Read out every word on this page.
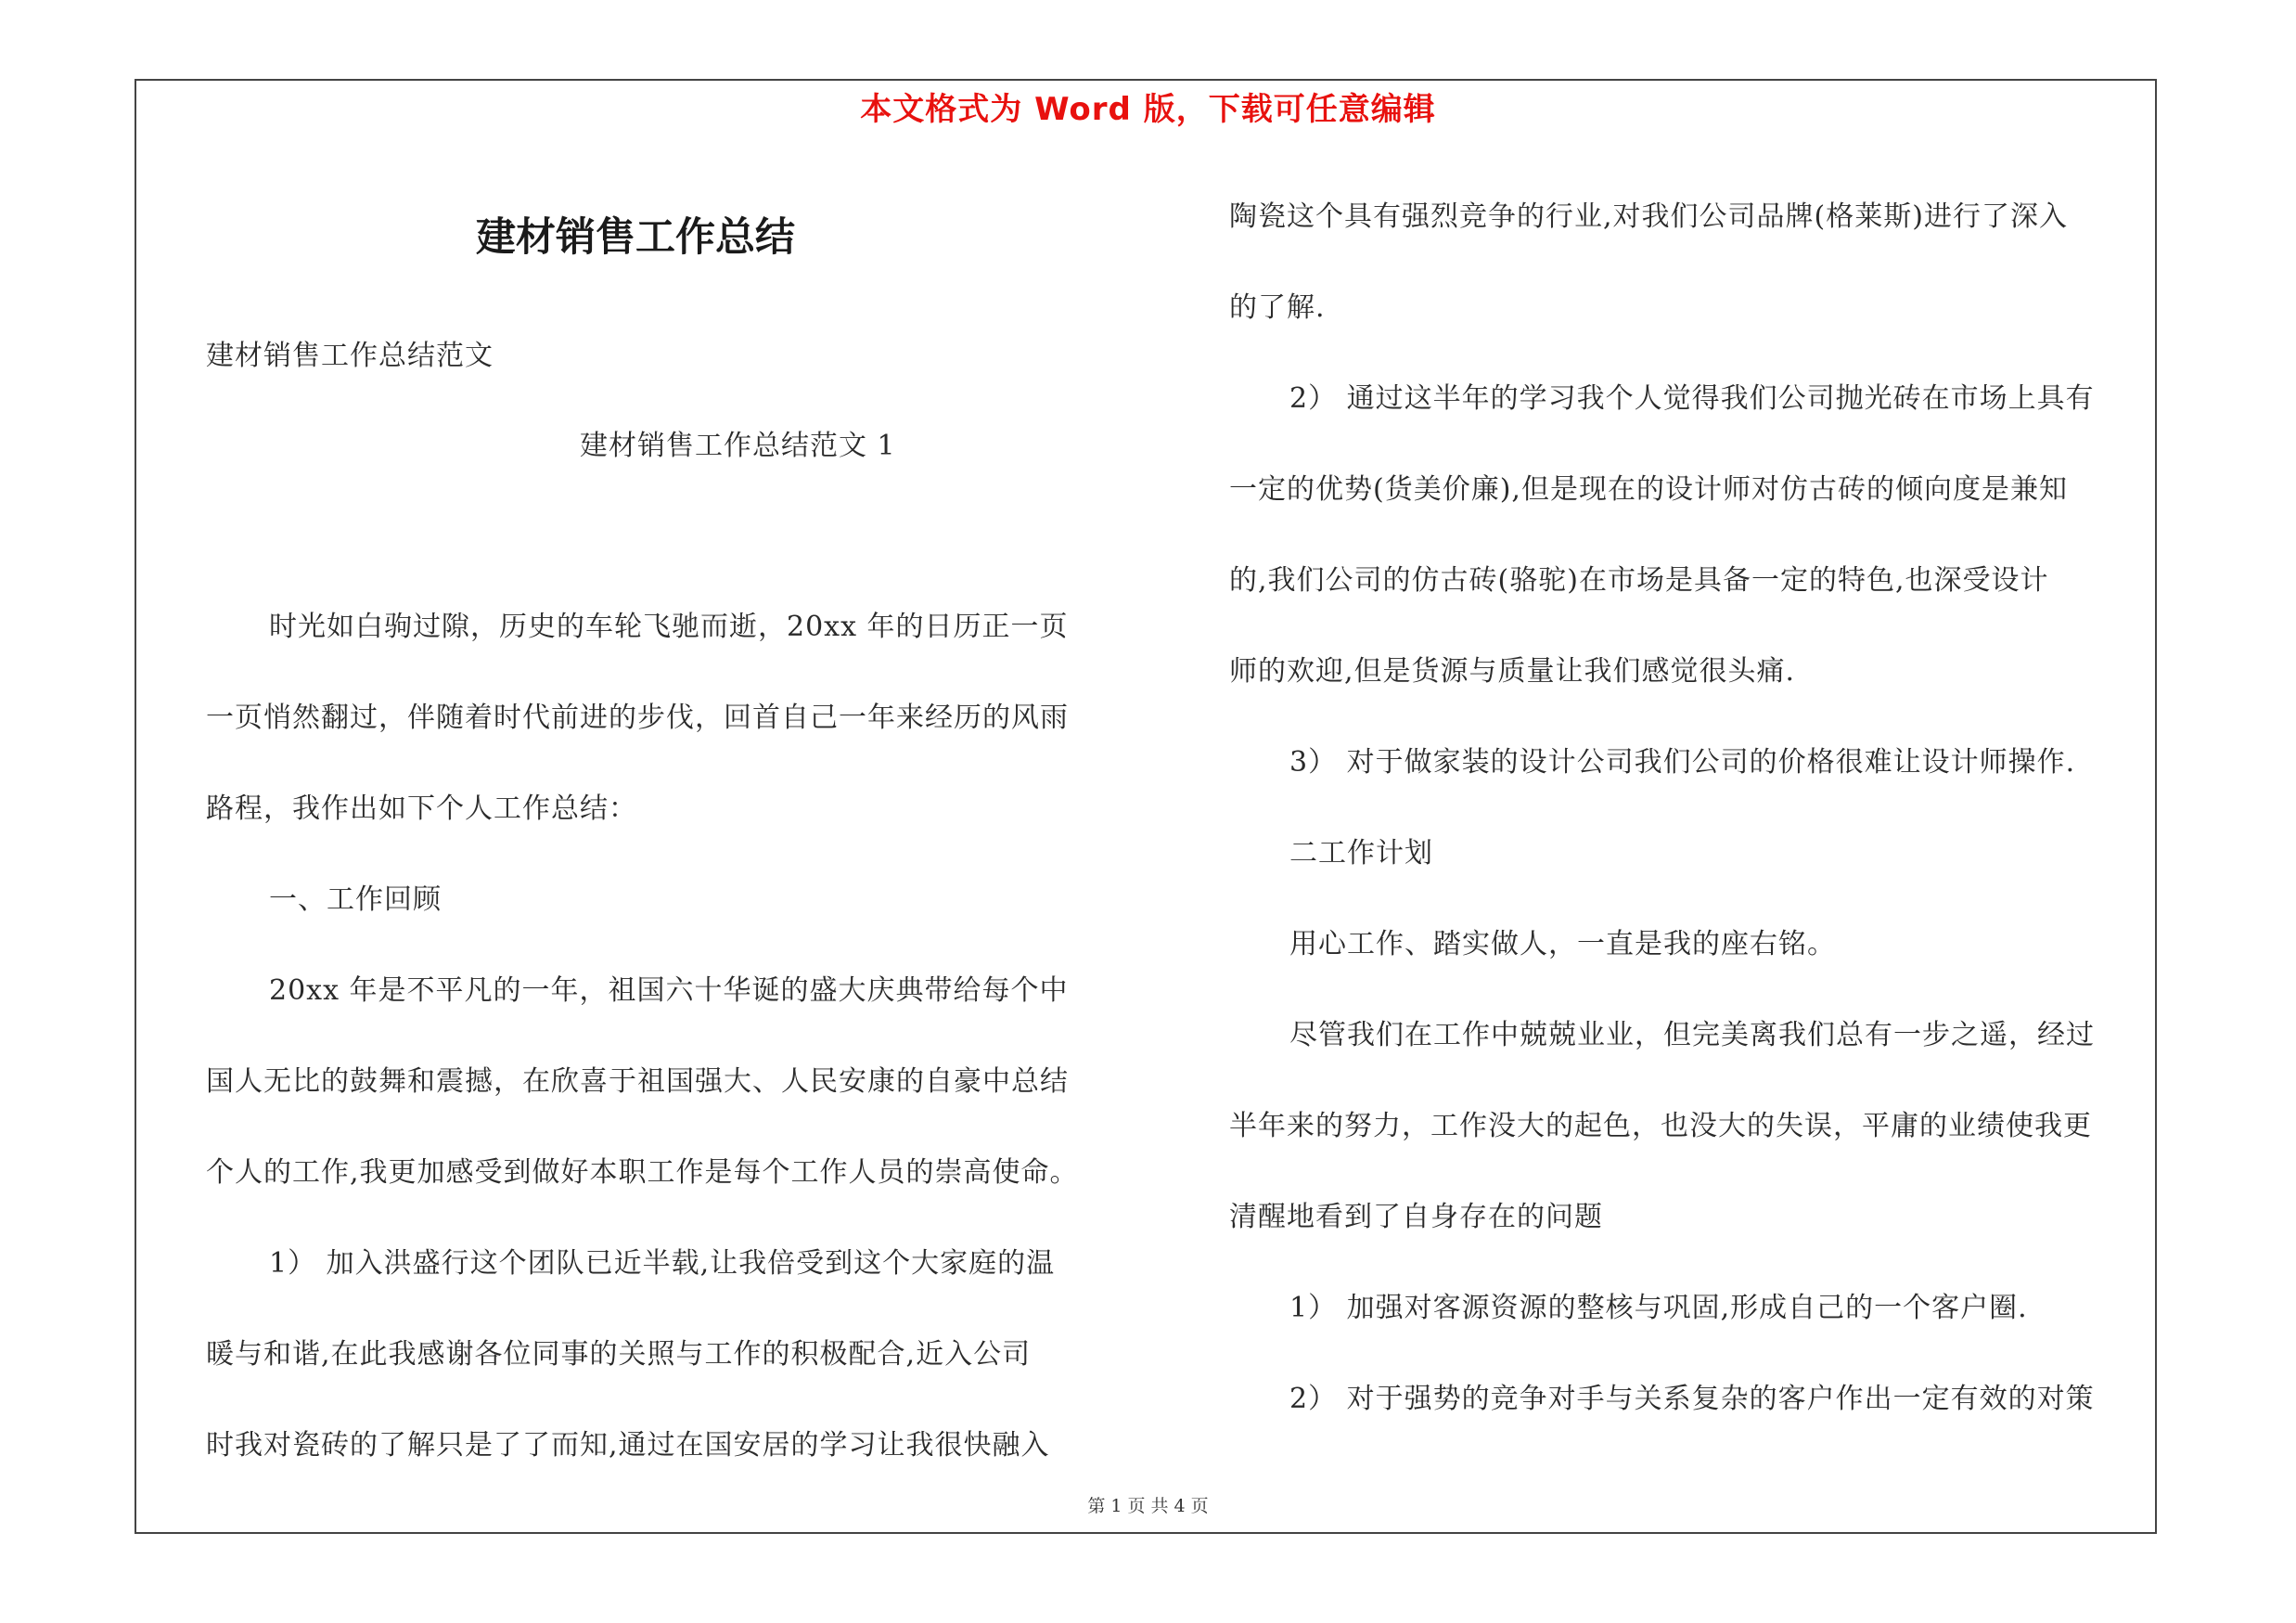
本文格式为 Word 版，下载可任意编辑
建材销售工作总结
建材销售工作总结范文
建材销售工作总结范文 1
时光如白驹过隙，历史的车轮飞驰而逝，20xx 年的日历正一页
一页悄然翻过，伴随着时代前进的步伐，回首自己一年来经历的风雨
路程，我作出如下个人工作总结：
一、工作回顾
20xx 年是不平凡的一年，祖国六十华诞的盛大庆典带给每个中
国人无比的鼓舞和震撼，在欣喜于祖国强大、人民安康的自豪中总结
个人的工作,我更加感受到做好本职工作是每个工作人员的崇高使命。
1） 加入洪盛行这个团队已近半载,让我倍受到这个大家庭的温
暖与和谐,在此我感谢各位同事的关照与工作的积极配合,近入公司
时我对瓷砖的了解只是了了而知,通过在国安居的学习让我很快融入
陶瓷这个具有强烈竞争的行业,对我们公司品牌(格莱斯)进行了深入
的了解.
2） 通过这半年的学习我个人觉得我们公司抛光砖在市场上具有
一定的优势(货美价廉),但是现在的设计师对仿古砖的倾向度是兼知
的,我们公司的仿古砖(骆驼)在市场是具备一定的特色,也深受设计
师的欢迎,但是货源与质量让我们感觉很头痛.
3） 对于做家装的设计公司我们公司的价格很难让设计师操作.
二工作计划
用心工作、踏实做人，一直是我的座右铭。
尽管我们在工作中兢兢业业，但完美离我们总有一步之遥，经过
半年来的努力，工作没大的起色，也没大的失误，平庸的业绩使我更
清醒地看到了自身存在的问题
1） 加强对客源资源的整核与巩固,形成自己的一个客户圈.
2） 对于强势的竞争对手与关系复杂的客户作出一定有效的对策
第 1 页 共 4 页
